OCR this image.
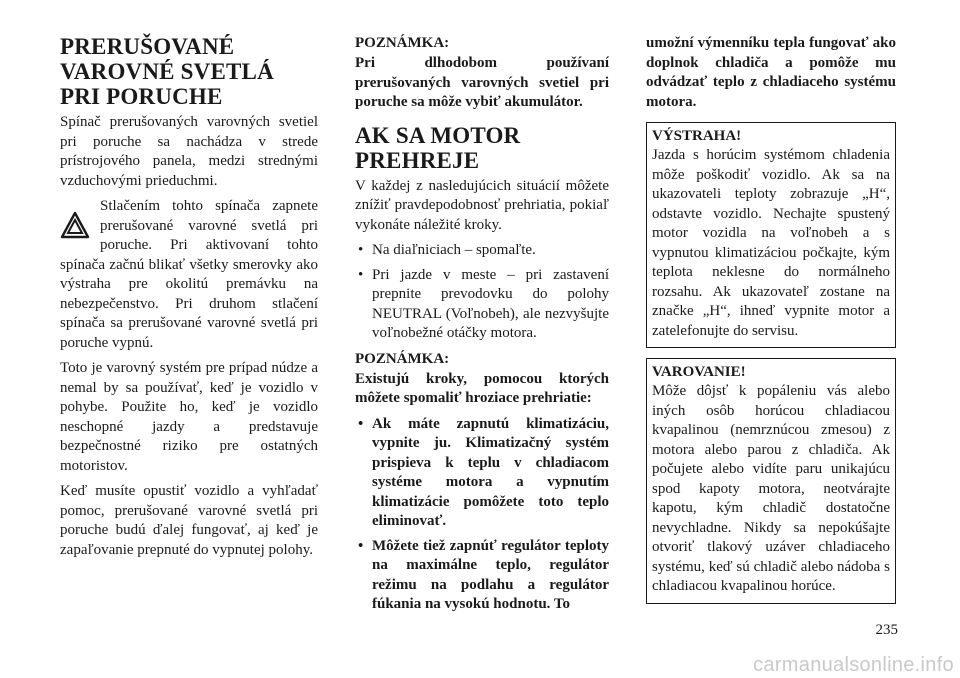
PRERUŠOVANÉ VAROVNÉ SVETLÁ PRI PORUCHE

Spínač prerušovaných varovných svetiel pri poruche sa nachádza v strede prístrojového panela, medzi strednými vzduchovými prieduchmi.

Stlačením tohto spínača zapnete prerušované varovné svetlá pri poruche. Pri aktivovaní tohto spínača začnú blikať všetky smerovky ako výstraha pre okolitú premávku na nebezpečenstvo. Pri druhom stlačení spínača sa prerušované varovné svetlá pri poruche vypnú.

Toto je varovný systém pre prípad núdze a nemal by sa používať, keď je vozidlo v pohybe. Použite ho, keď je vozidlo neschopné jazdy a predstavuje bezpečnostné riziko pre ostatných motoristov.

Keď musíte opustiť vozidlo a vyhľadať pomoc, prerušované varovné svetlá pri poruche budú ďalej fungovať, aj keď je zapaľovanie prepnuté do vypnutej polohy.

POZNÁMKA:

Pri dlhodobom používaní prerušovaných varovných svetiel pri poruche sa môže vybiť akumulátor.

AK SA MOTOR PREHREJE

V každej z nasledujúcich situácií môžete znížiť pravdepodobnosť prehriatia, pokiaľ vykonáte náležité kroky.

• Na diaľniciach – spomaľte.
• Pri jazde v meste – pri zastavení prepnite prevodovku do polohy NEUTRAL (Voľnobeh), ale nezvyšujte voľnobežné otáčky motora.
POZNÁMKA:

Existujú kroky, pomocou ktorých môžete spomaliť hroziace prehriatie:

• Ak máte zapnutú klimatizáciu, vypnite ju. Klimatizačný systém prispieva k teplu v chladiacom systéme motora a vypnutím klimatizácie pomôžete toto teplo eliminovať.
• Môžete tiež zapnúť regulátor teploty na maximálne teplo, regulátor režimu na podlahu a regulátor fúkania na vysokú hodnotu. To

umožní výmenníku tepla fungovať ako doplnok chladiča a pomôže mu odvádzať teplo z chladiaceho systému motora.

VÝSTRAHA!

Jazda s horúcim systémom chladenia môže poškodiť vozidlo. Ak sa na ukazovateli teploty zobrazuje „H“, odstavte vozidlo. Nechajte spustený motor vozidla na voľnobeh a s vypnutou klimatizáciou počkajte, kým teplota neklesne do normálneho rozsahu. Ak ukazovateľ zostane na značke „H“, ihneď vypnite motor a zatelefonujte do servisu.

VAROVANIE!

Môže dôjsť k popáleniu vás alebo iných osôb horúcou chladiacou kvapalinou (nemrznúcou zmesou) z motora alebo parou z chladiča. Ak počujete alebo vidíte paru unikajúcu spod kapoty motora, neotvárajte kapotu, kým chladič dostatočne nevychladne. Nikdy sa nepokúšajte otvoriť tlakový uzáver chladiaceho systému, keď sú chladič alebo nádoba s chladiacou kvapalinou horúce.

235
carmanualsonline.info
